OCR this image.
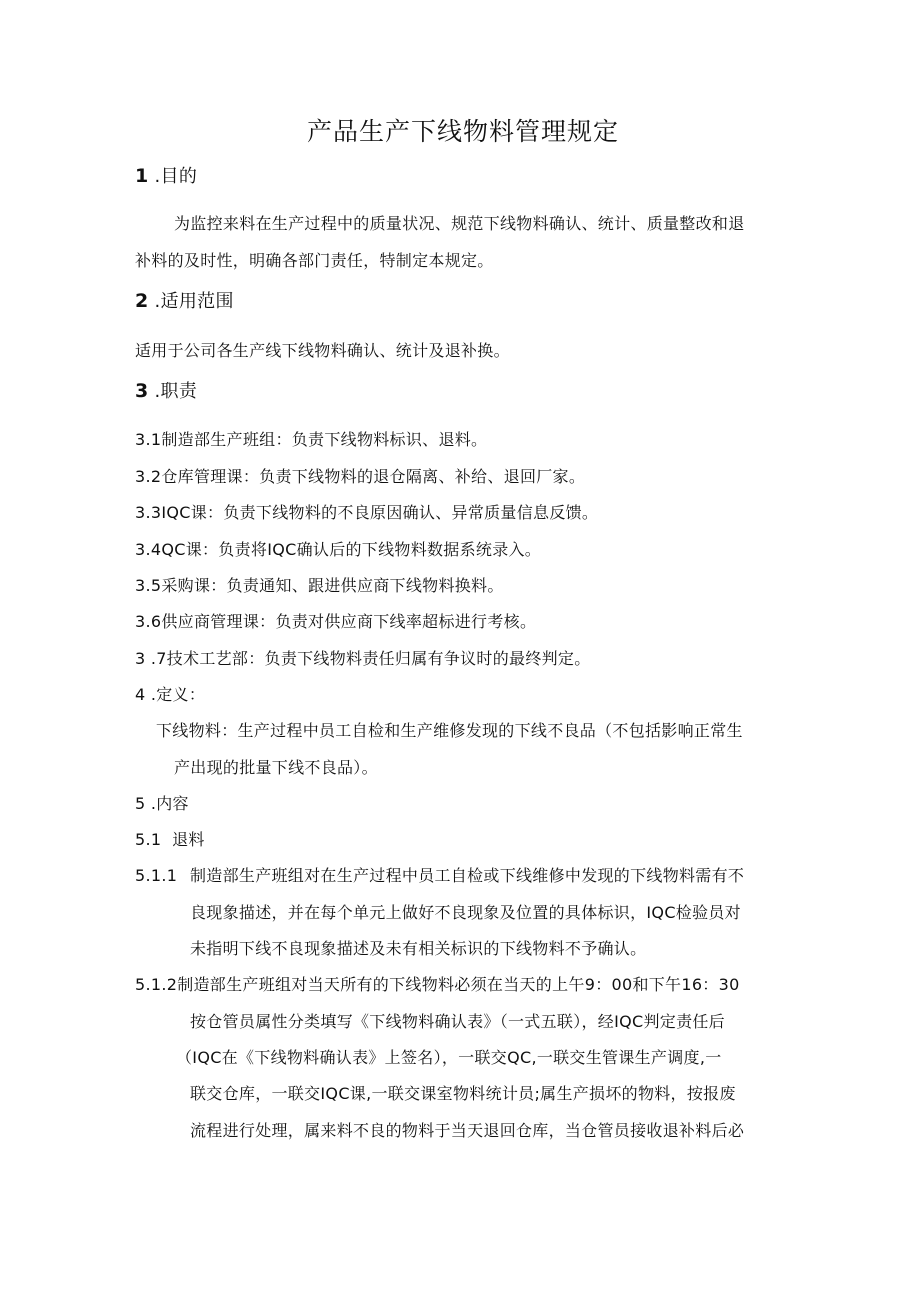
产品生产下线物料管理规定
1 .目的
为监控来料在生产过程中的质量状况、规范下线物料确认、统计、质量整改和退
补料的及时性，明确各部门责任，特制定本规定。
2 .适用范围
适用于公司各生产线下线物料确认、统计及退补换。
3 .职责
3.1制造部生产班组：负责下线物料标识、退料。
3.2仓库管理课：负责下线物料的退仓隔离、补给、退回厂家。
3.3IQC课：负责下线物料的不良原因确认、异常质量信息反馈。
3.4QC课：负责将IQC确认后的下线物料数据系统录入。
3.5采购课：负责通知、跟进供应商下线物料换料。
3.6供应商管理课：负责对供应商下线率超标进行考核。
3 .7技术工艺部：负责下线物料责任归属有争议时的最终判定。
4 .定义：
下线物料：生产过程中员工自检和生产维修发现的下线不良品（不包括影响正常生
产出现的批量下线不良品）。
5 .内容
5.1  退料
5.1.1 制造部生产班组对在生产过程中员工自检或下线维修中发现的下线物料需有不
良现象描述，并在每个单元上做好不良现象及位置的具体标识，IQC检验员对
未指明下线不良现象描述及未有相关标识的下线物料不予确认。
5.1.2制造部生产班组对当天所有的下线物料必须在当天的上午9：00和下午16：30
按仓管员属性分类填写《下线物料确认表》（一式五联），经IQC判定责任后
（IQC在《下线物料确认表》上签名），一联交QC,一联交生管课生产调度,一
联交仓库，一联交IQC课,一联交课室物料统计员;属生产损坏的物料，按报废
流程进行处理，属来料不良的物料于当天退回仓库，当仓管员接收退补料后必
